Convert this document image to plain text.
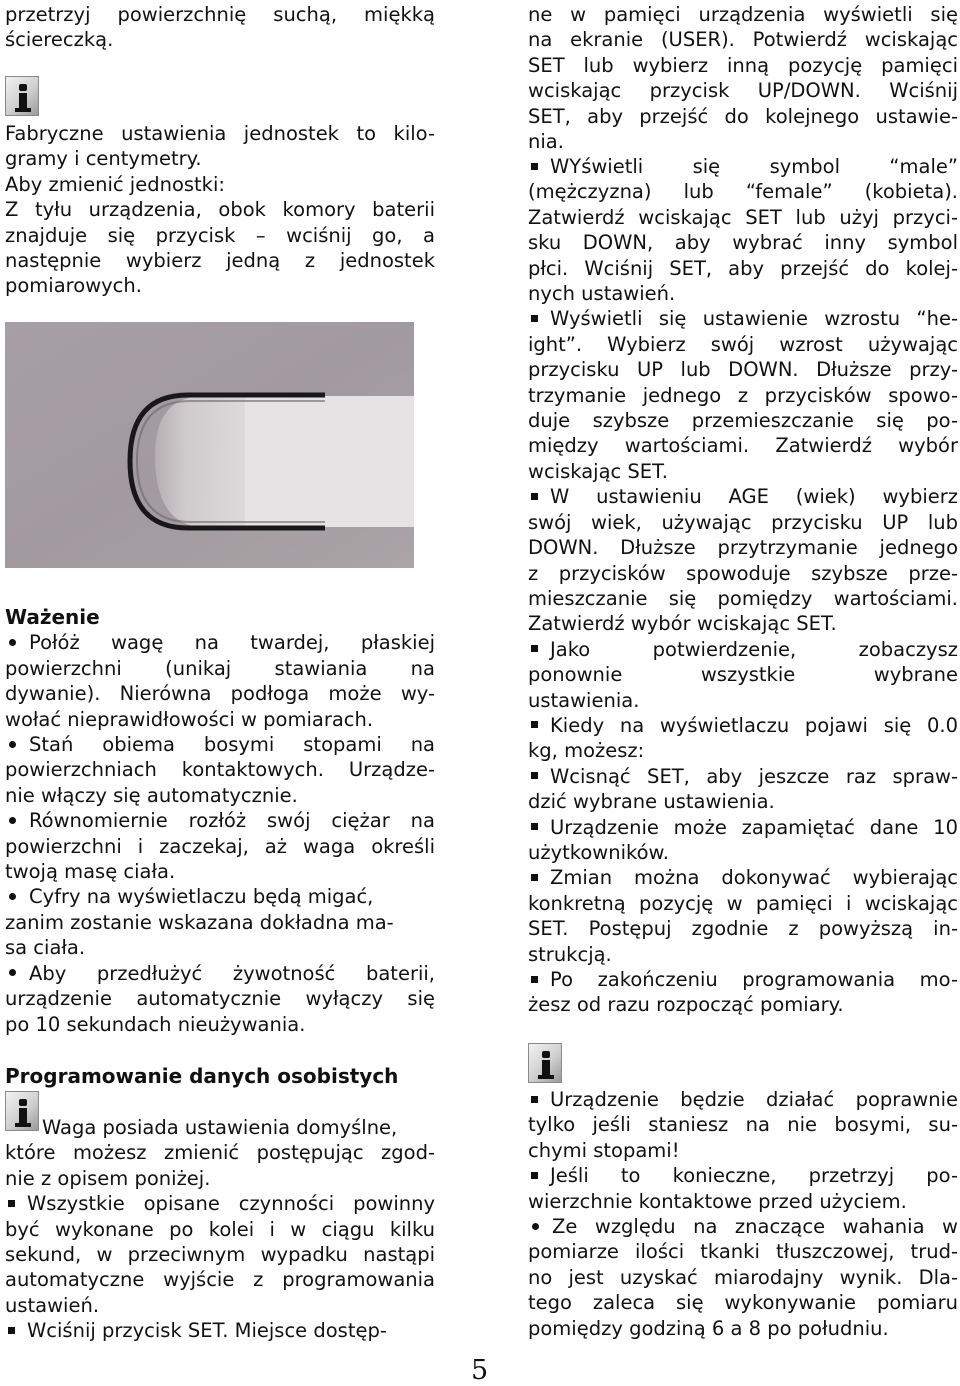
przetrzyj powierzchnię suchą, miękką
ściereczką.

Fabryczne ustawienia jednostek to kilo-
gramy i centymetry.
Aby zmienić jednostki:
Z tyłu urządzenia, obok komory baterii
znajduje się przycisk – wciśnij go, a
następnie wybierz jedną z jednostek
pomiarowych.

Ważenie

Połóż wagę na twardej, płaskiej
powierzchni (unikaj stawiania na
dywanie). Nierówna podłoga może wy-
wołać nieprawidłowości w pomiarach.

Stań obiema bosymi stopami na
powierzchniach kontaktowych. Urządze-
nie włączy się automatycznie.

Równomiernie rozłóż swój ciężar na
powierzchni i zaczekaj, aż waga określi
twoją masę ciała.

Cyfry na wyświetlaczu będą migać,
zanim zostanie wskazana dokładna ma-
sa ciała.

Aby przedłużyć żywotność baterii,
urządzenie automatycznie wyłączy się
po 10 sekundach nieużywania.

Programowanie danych osobistych

Waga posiada ustawienia domyślne,
które możesz zmienić postępując zgod-
nie z opisem poniżej.

Wszystkie opisane czynności powinny
być wykonane po kolei i w ciągu kilku
sekund, w przeciwnym wypadku nastąpi
automatyczne wyjście z programowania
ustawień.

Wciśnij przycisk SET. Miejsce dostęp-

ne w pamięci urządzenia wyświetli się
na ekranie (USER). Potwierdź wciskając
SET lub wybierz inną pozycję pamięci
wciskając przycisk UP/DOWN. Wciśnij
SET, aby przejść do kolejnego ustawie-
nia.

WYświetli się symbol “male”
(mężczyzna) lub “female” (kobieta).
Zatwierdź wciskając SET lub użyj przyci-
sku DOWN, aby wybrać inny symbol
płci. Wciśnij SET, aby przejść do kolej-
nych ustawień.

Wyświetli się ustawienie wzrostu “he-
ight”. Wybierz swój wzrost używając
przycisku UP lub DOWN. Dłuższe przy-
trzymanie jednego z przycisków spowo-
duje szybsze przemieszczanie się po-
między wartościami. Zatwierdź wybór
wciskając SET.

W ustawieniu AGE (wiek) wybierz
swój wiek, używając przycisku UP lub
DOWN. Dłuższe przytrzymanie jednego
z przycisków spowoduje szybsze prze-
mieszczanie się pomiędzy wartościami.
Zatwierdź wybór wciskając SET.

Jako potwierdzenie, zobaczysz
ponownie wszystkie wybrane
ustawienia.

Kiedy na wyświetlaczu pojawi się 0.0
kg, możesz:

Wcisnąć SET, aby jeszcze raz spraw-
dzić wybrane ustawienia.

Urządzenie może zapamiętać dane 10
użytkowników.

Zmian można dokonywać wybierając
konkretną pozycję w pamięci i wciskając
SET. Postępuj zgodnie z powyższą in-
strukcją.

Po zakończeniu programowania mo-
żesz od razu rozpocząć pomiary.

Urządzenie będzie działać poprawnie
tylko jeśli staniesz na nie bosymi, su-
chymi stopami!

Jeśli to konieczne, przetrzyj po-
wierzchnie kontaktowe przed użyciem.

Ze względu na znaczące wahania w
pomiarze ilości tkanki tłuszczowej, trud-
no jest uzyskać miarodajny wynik. Dla-
tego zaleca się wykonywanie pomiaru
pomiędzy godziną 6 a 8 po południu.

5
